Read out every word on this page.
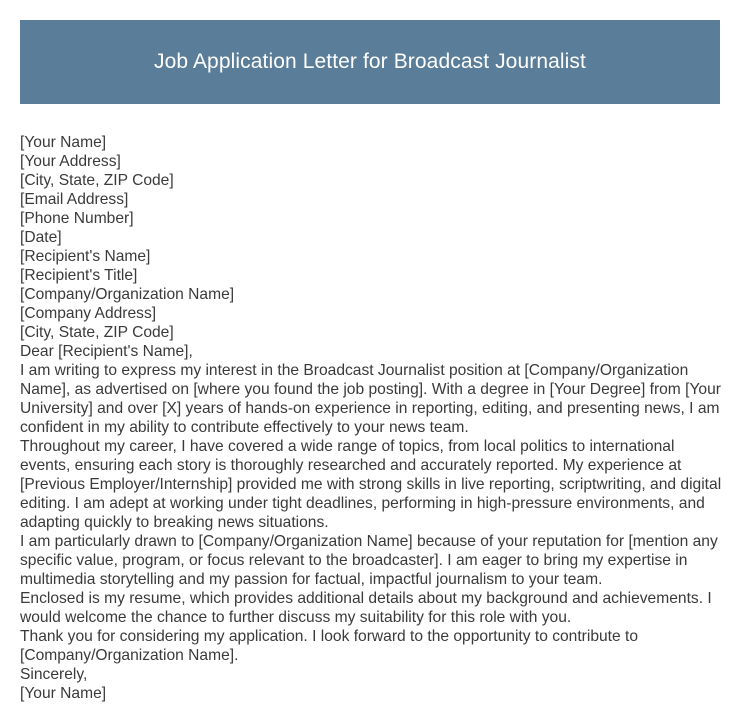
Job Application Letter for Broadcast Journalist

[Your Name]

[Your Address]

[City, State, ZIP Code]

[Email Address]

[Phone Number]

[Date]

[Recipient's Name]

[Recipient's Title]

[Company/Organization Name]

[Company Address]

[City, State, ZIP Code]

Dear [Recipient's Name],

I am writing to express my interest in the Broadcast Journalist position at [Company/Organization Name], as advertised on [where you found the job posting]. With a degree in [Your Degree] from [Your University] and over [X] years of hands-on experience in reporting, editing, and presenting news, I am confident in my ability to contribute effectively to your news team.

Throughout my career, I have covered a wide range of topics, from local politics to international events, ensuring each story is thoroughly researched and accurately reported. My experience at [Previous Employer/Internship] provided me with strong skills in live reporting, scriptwriting, and digital editing. I am adept at working under tight deadlines, performing in high-pressure environments, and adapting quickly to breaking news situations.

I am particularly drawn to [Company/Organization Name] because of your reputation for [mention any specific value, program, or focus relevant to the broadcaster]. I am eager to bring my expertise in multimedia storytelling and my passion for factual, impactful journalism to your team.

Enclosed is my resume, which provides additional details about my background and achievements. I would welcome the chance to further discuss my suitability for this role with you.

Thank you for considering my application. I look forward to the opportunity to contribute to [Company/Organization Name].

Sincerely,

[Your Name]
